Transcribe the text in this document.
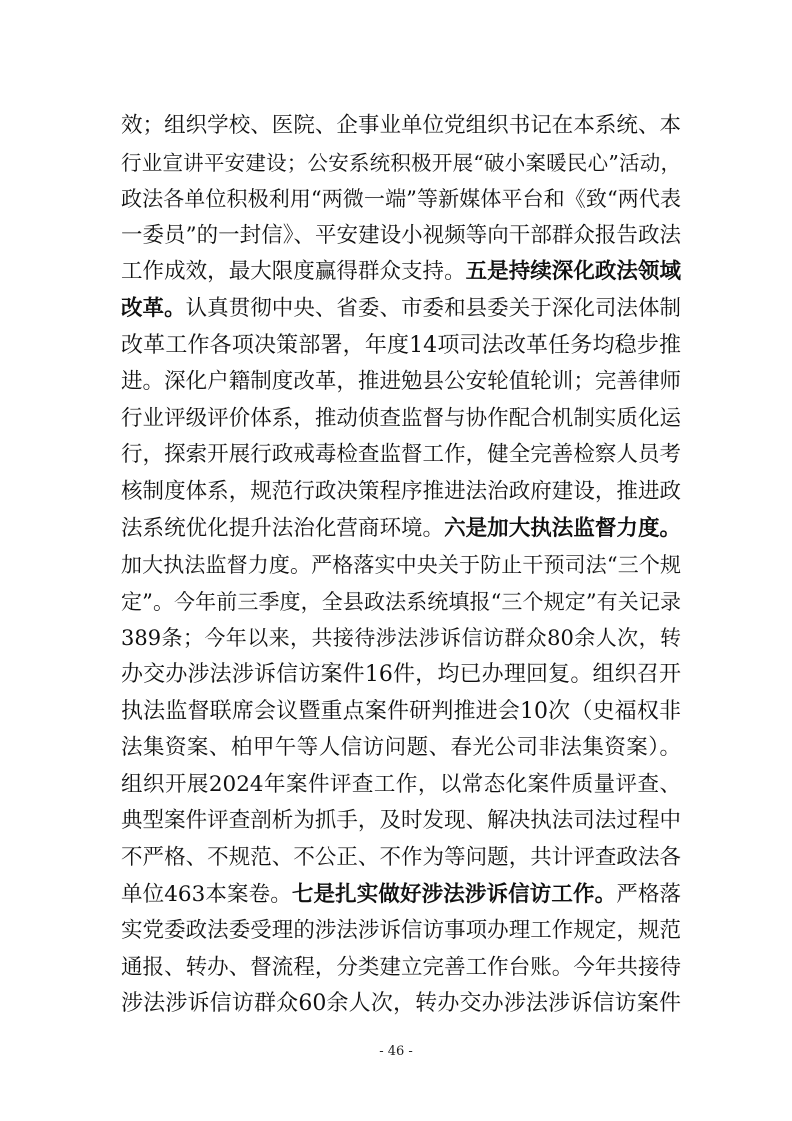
效；组织学校、医院、企事业单位党组织书记在本系统、本
行业宣讲平安建设；公安系统积极开展“破小案暖民心”活动，
政法各单位积极利用“两微一端”等新媒体平台和《致“两代表
一委员”的一封信》、平安建设小视频等向干部群众报告政法
工作成效，最大限度赢得群众支持。五是持续深化政法领域
改革。认真贯彻中央、省委、市委和县委关于深化司法体制
改革工作各项决策部署，年度14项司法改革任务均稳步推
进。深化户籍制度改革，推进勉县公安轮值轮训；完善律师
行业评级评价体系，推动侦查监督与协作配合机制实质化运
行，探索开展行政戒毒检查监督工作，健全完善检察人员考
核制度体系，规范行政决策程序推进法治政府建设，推进政
法系统优化提升法治化营商环境。六是加大执法监督力度。
加大执法监督力度。严格落实中央关于防止干预司法“三个规
定”。今年前三季度，全县政法系统填报“三个规定”有关记录
389条；今年以来，共接待涉法涉诉信访群众80余人次，转
办交办涉法涉诉信访案件16件，均已办理回复。组织召开
执法监督联席会议暨重点案件研判推进会10次（史福权非
法集资案、柏甲午等人信访问题、春光公司非法集资案）。
组织开展2024年案件评查工作，以常态化案件质量评查、
典型案件评查剖析为抓手，及时发现、解决执法司法过程中
不严格、不规范、不公正、不作为等问题，共计评查政法各
单位463本案卷。七是扎实做好涉法涉诉信访工作。严格落
实党委政法委受理的涉法涉诉信访事项办理工作规定，规范
通报、转办、督流程，分类建立完善工作台账。今年共接待
涉法涉诉信访群众60余人次，转办交办涉法涉诉信访案件
- 46 -
